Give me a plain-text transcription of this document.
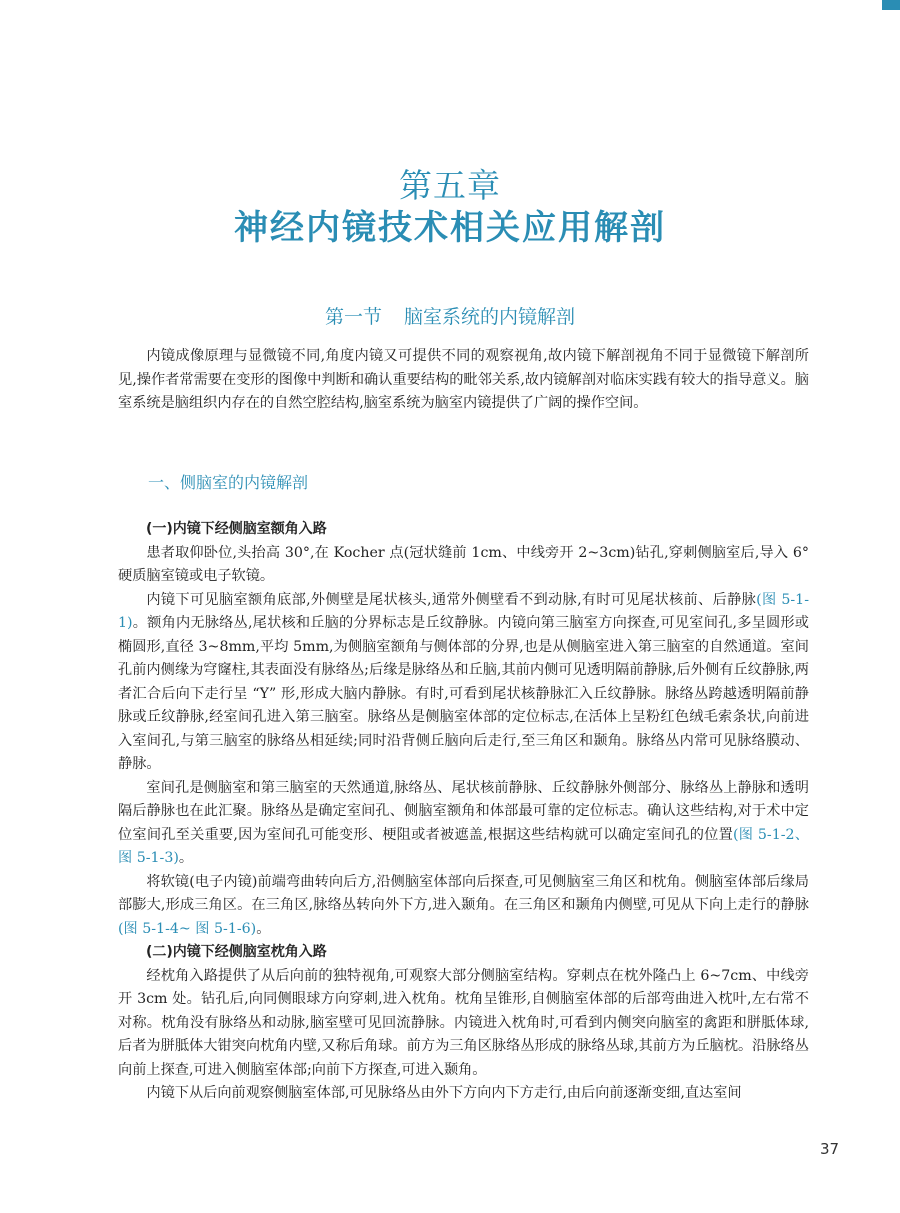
第五章
神经内镜技术相关应用解剖
第一节 脑室系统的内镜解剖

内镜成像原理与显微镜不同,角度内镜又可提供不同的观察视角,故内镜下解剖视角不同于显微镜下解剖所见,操作者常需要在变形的图像中判断和确认重要结构的毗邻关系,故内镜解剖对临床实践有较大的指导意义。脑室系统是脑组织内存在的自然空腔结构,脑室系统为脑室内镜提供了广阔的操作空间。

一、侧脑室的内镜解剖

(一)内镜下经侧脑室额角入路

患者取仰卧位,头抬高 30°,在 Kocher 点(冠状缝前 1cm、中线旁开 2~3cm)钻孔,穿刺侧脑室后,导入 6° 硬质脑室镜或电子软镜。

内镜下可见脑室额角底部,外侧壁是尾状核头,通常外侧壁看不到动脉,有时可见尾状核前、后静脉(图 5-1-1)。额角内无脉络丛,尾状核和丘脑的分界标志是丘纹静脉。内镜向第三脑室方向探查,可见室间孔,多呈圆形或椭圆形,直径 3~8mm,平均 5mm,为侧脑室额角与侧体部的分界,也是从侧脑室进入第三脑室的自然通道。室间孔前内侧缘为穹窿柱,其表面没有脉络丛;后缘是脉络丛和丘脑,其前内侧可见透明隔前静脉,后外侧有丘纹静脉,两者汇合后向下走行呈 “Y” 形,形成大脑内静脉。有时,可看到尾状核静脉汇入丘纹静脉。脉络丛跨越透明隔前静脉或丘纹静脉,经室间孔进入第三脑室。脉络丛是侧脑室体部的定位标志,在活体上呈粉红色绒毛索条状,向前进入室间孔,与第三脑室的脉络丛相延续;同时沿背侧丘脑向后走行,至三角区和颞角。脉络丛内常可见脉络膜动、静脉。

室间孔是侧脑室和第三脑室的天然通道,脉络丛、尾状核前静脉、丘纹静脉外侧部分、脉络丛上静脉和透明隔后静脉也在此汇聚。脉络丛是确定室间孔、侧脑室额角和体部最可靠的定位标志。确认这些结构,对于术中定位室间孔至关重要,因为室间孔可能变形、梗阻或者被遮盖,根据这些结构就可以确定室间孔的位置(图 5-1-2、图 5-1-3)。

将软镜(电子内镜)前端弯曲转向后方,沿侧脑室体部向后探查,可见侧脑室三角区和枕角。侧脑室体部后缘局部膨大,形成三角区。在三角区,脉络丛转向外下方,进入颞角。在三角区和颞角内侧壁,可见从下向上走行的静脉(图 5-1-4~ 图 5-1-6)。

(二)内镜下经侧脑室枕角入路

经枕角入路提供了从后向前的独特视角,可观察大部分侧脑室结构。穿刺点在枕外隆凸上 6~7cm、中线旁开 3cm 处。钻孔后,向同侧眼球方向穿刺,进入枕角。枕角呈锥形,自侧脑室体部的后部弯曲进入枕叶,左右常不对称。枕角没有脉络丛和动脉,脑室壁可见回流静脉。内镜进入枕角时,可看到内侧突向脑室的禽距和胼胝体球,后者为胼胝体大钳突向枕角内壁,又称后角球。前方为三角区脉络丛形成的脉络丛球,其前方为丘脑枕。沿脉络丛向前上探查,可进入侧脑室体部;向前下方探查,可进入颞角。

内镜下从后向前观察侧脑室体部,可见脉络丛由外下方向内下方走行,由后向前逐渐变细,直达室间

37
